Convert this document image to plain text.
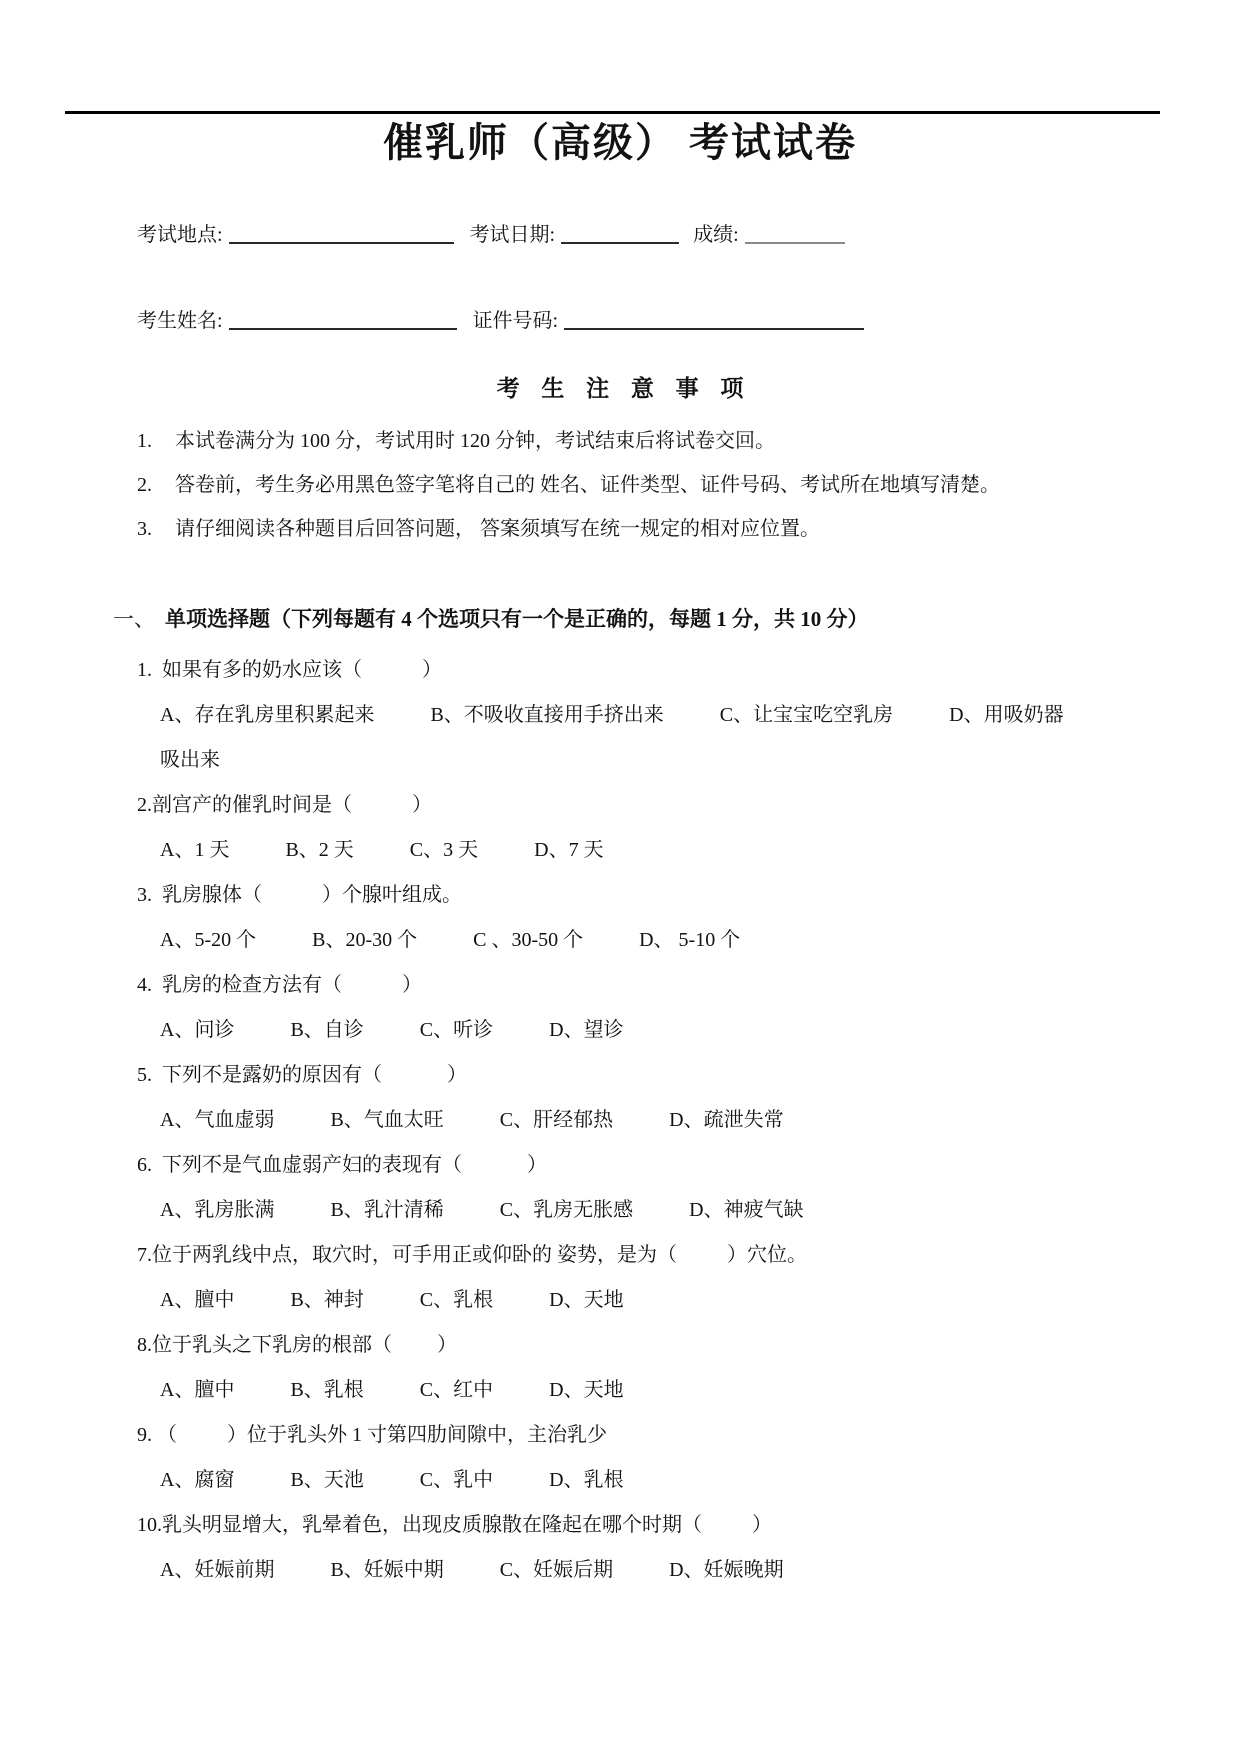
催乳师（高级） 考试试卷
考试地点:	考试日期:	成绩:
考生姓名:	证件号码:
考 生 注 意 事 项
1.	本试卷满分为 100 分，考试用时 120 分钟，考试结束后将试卷交回。
2.	答卷前，考生务必用黑色签字笔将自己的 姓名、证件类型、证件号码、考试所在地填写清楚。
3.	请仔细阅读各种题目后回答问题， 答案须填写在统一规定的相对应位置。
一、 单项选择题（下列每题有 4 个选项只有一个是正确的，每题 1 分，共 10 分）

1.  如果有多的奶水应该（            ）

A、存在乳房里积累起来	B、不吸收直接用手挤出来	C、让宝宝吃空乳房	D、用吸奶器吸出来

2.剖宫产的催乳时间是（            ）

A、1 天	B、2 天	C、3 天	D、7 天

3.  乳房腺体（            ）个腺叶组成。

A、5-20 个	B、20-30 个	C 、30-50 个	D、 5-10 个

4.  乳房的检查方法有（            ）

A、问诊	B、自诊	C、听诊	D、望诊

5.  下列不是露奶的原因有（             ）

A、气血虚弱	B、气血太旺	C、肝经郁热	D、疏泄失常

6.  下列不是气血虚弱产妇的表现有（             ）

A、乳房胀满	B、乳汁清稀	C、乳房无胀感	D、神疲气缺

7.位于两乳线中点，取穴时，可手用正或仰卧的 姿势，是为（          ）穴位。

A、膻中	B、神封	C、乳根	D、天地

8.位于乳头之下乳房的根部（         ）

A、膻中	B、乳根	C、红中	D、天地

9. （          ）位于乳头外 1 寸第四肋间隙中，主治乳少

A、腐窗	B、天池	C、乳中	D、乳根

10.乳头明显增大，乳晕着色，出现皮质腺散在隆起在哪个时期（          ）

A、妊娠前期	B、妊娠中期	C、妊娠后期	D、妊娠晚期
